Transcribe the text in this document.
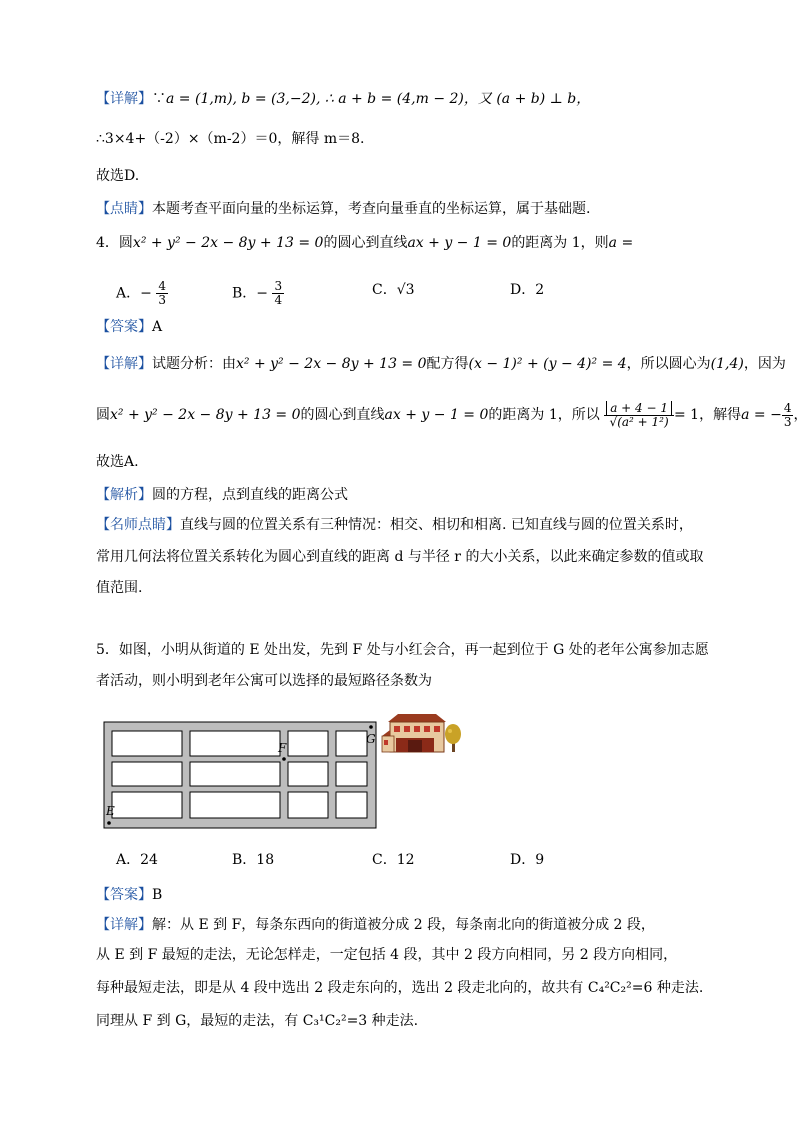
【详解】∵a = (1,m), b = (3,−2), ∴ a + b = (4,m − 2)，又 (a + b) ⊥ b，
∴3×4+（-2）×（m-2）＝0，解得 m＝8.
故选D.
【点睛】本题考查平面向量的坐标运算，考查向量垂直的坐标运算，属于基础题.
4．圆x² + y² − 2x − 8y + 13 = 0的圆心到直线ax + y − 1 = 0的距离为 1，则a =
A．− $\frac{4}{3}$	B．− $\frac{3}{4}$	C．√3	D．2
【答案】A
【详解】试题分析：由x² + y² − 2x − 8y + 13 = 0配方得(x − 1)² + (y − 4)² = 4，所以圆心为(1,4)，因为
圆x² + y² − 2x − 8y + 13 = 0的圆心到直线ax + y − 1 = 0的距离为 1，所以 $\frac{a + 4 - 1}{\text{√(a² + 1²)}} = 1$，解得a = − $\frac{4}{3}$ ，
故选A.
【解析】圆的方程，点到直线的距离公式
【名师点睛】直线与圆的位置关系有三种情况：相交、相切和相离. 已知直线与圆的位置关系时，
常用几何法将位置关系转化为圆心到直线的距离 d 与半径 r 的大小关系，以此来确定参数的值或取
值范围.
5．如图，小明从街道的 E 处出发，先到 F 处与小红会合，再一起到位于 G 处的老年公寓参加志愿
者活动，则小明到老年公寓可以选择的最短路径条数为
E
F
G
A．24	B．18	C．12	D．9
【答案】B
【详解】解：从 E 到 F，每条东西向的街道被分成 2 段，每条南北向的街道被分成 2 段，
从 E 到 F 最短的走法，无论怎样走，一定包括 4 段，其中 2 段方向相同，另 2 段方向相同，
每种最短走法，即是从 4 段中选出 2 段走东向的，选出 2 段走北向的，故共有 C₄²C₂²=6 种走法.
同理从 F 到 G，最短的走法，有 C₃¹C₂²=3 种走法.
